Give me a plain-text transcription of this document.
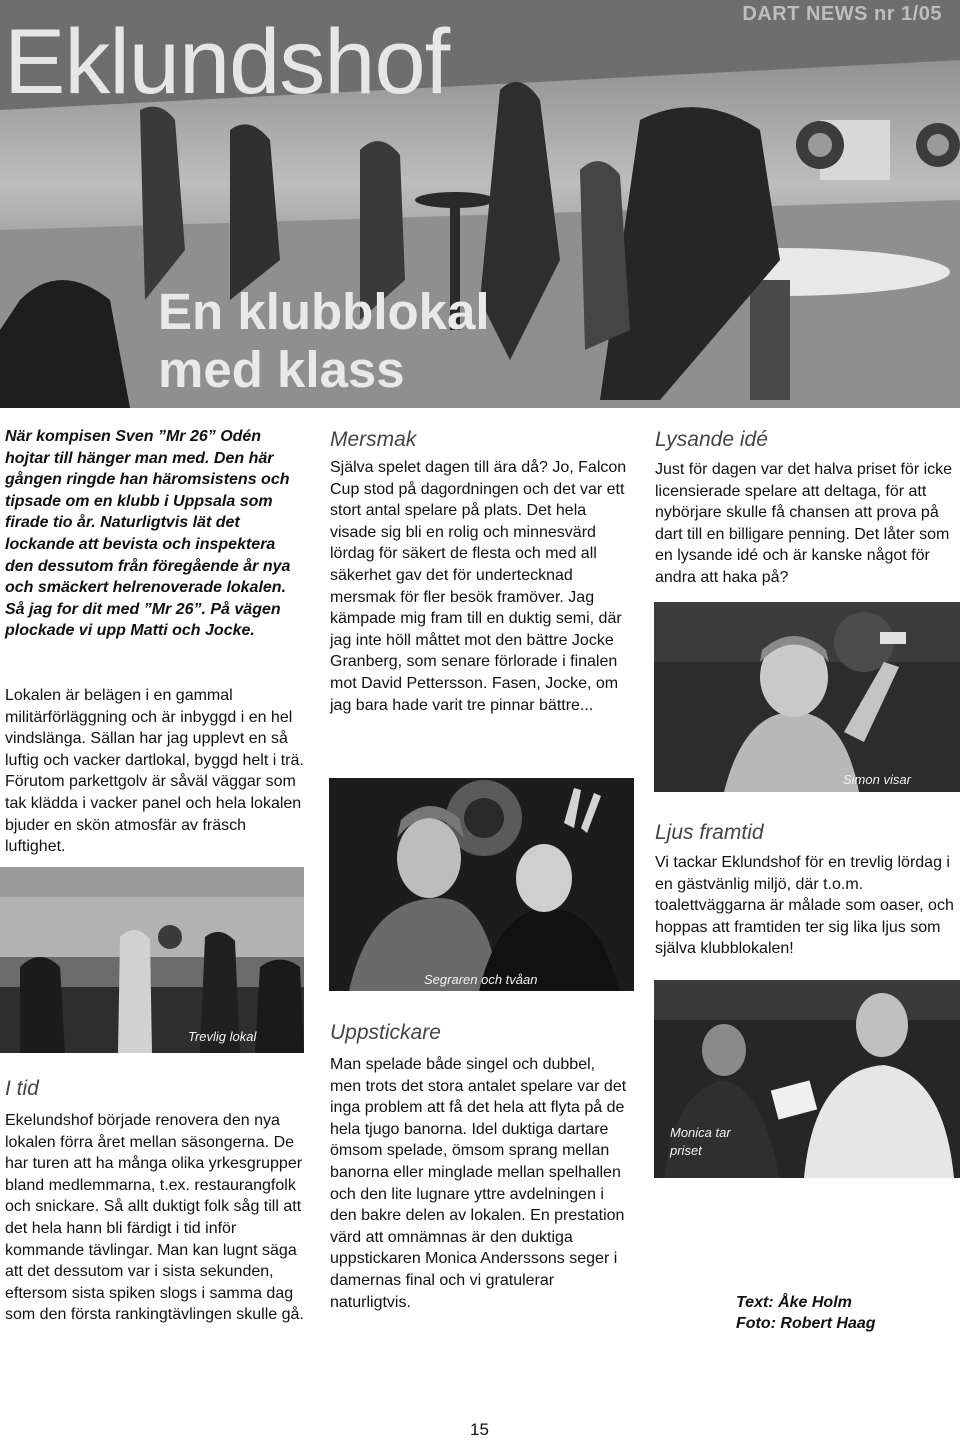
DART NEWS nr 1/05
Eklundshof
En klubblokal
med klass
När kompisen Sven ”Mr 26” Odén hojtar till hänger man med. Den här gången ringde han häromsistens och tipsade om en klubb i Uppsala som firade tio år. Naturligtvis lät det lockande att bevista och inspektera den dessutom från föregående år nya och smäckert helrenoverade lokalen. Så jag for dit med ”Mr 26”. På vägen plockade vi upp Matti och Jocke.
Lokalen är belägen i en gammal militärförläggning och är inbyggd i en hel vindslänga. Sällan har jag upplevt en så luftig och vacker dartlokal, byggd helt i trä. Förutom parkettgolv är såväl väggar som tak klädda i vacker panel och hela lokalen bjuder en skön atmosfär av fräsch luftighet.
Mersmak
Själva spelet dagen till ära då? Jo, Falcon Cup stod på dagordningen och det var ett stort antal spelare på plats. Det hela visade sig bli en rolig och minnesvärd lördag för säkert de flesta och med all säkerhet gav det för undertecknad mersmak för fler besök framöver. Jag kämpade mig fram till en duktig semi, där jag inte höll måttet mot den bättre Jocke Granberg, som senare förlorade i finalen mot David Pettersson. Fasen, Jocke, om jag bara hade varit tre pinnar bättre...
Lysande idé
Just för dagen var det halva priset för icke licensierade spelare att deltaga, för att nybörjare skulle få chansen att prova på dart till en billigare penning. Det låter som en lysande idé och är kanske något för andra att haka på?
Simon visar
Ljus framtid
Vi tackar Eklundshof för en trevlig lördag i en gästvänlig miljö, där t.o.m. toalettväggarna är målade som oaser, och hoppas att framtiden ter sig lika ljus som själva klubblokalen!
Segraren och tvåan
Trevlig lokal
I tid
Ekelundshof började renovera den nya lokalen förra året mellan säsongerna. De har turen att ha många olika yrkesgrupper bland medlemmarna, t.ex. restaurangfolk och snickare. Så allt duktigt folk såg till att det hela hann bli färdigt i tid inför kommande tävlingar. Man kan lugnt säga att det dessutom var i sista sekunden, eftersom sista spiken slogs i samma dag som den första rankingtävlingen skulle gå.
Uppstickare
Man spelade både singel och dubbel, men trots det stora antalet spelare var det inga problem att få det hela att flyta på de hela tjugo banorna. Idel duktiga dartare ömsom spelade, ömsom sprang mellan banorna eller minglade mellan spelhallen och den lite lugnare yttre avdelningen i den bakre delen av lokalen. En prestation värd att omnämnas är den duktiga uppstickaren Monica Anderssons seger i damernas final och vi gratulerar naturligtvis.
Monica tar
priset
Text: Åke Holm
Foto: Robert Haag
15
